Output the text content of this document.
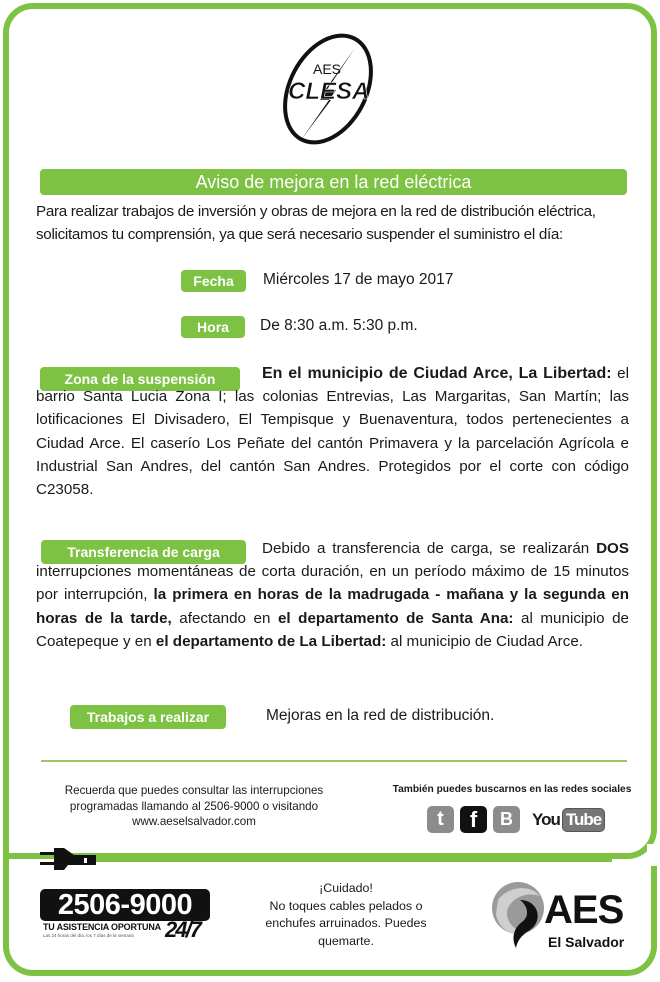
AES
CLESA
Aviso de mejora en la red eléctrica
Para realizar trabajos de inversión y obras de mejora en la red de distribución eléctrica, solicitamos tu comprensión, ya que será necesario suspender el suministro el día:
Fecha Miércoles 17 de mayo 2017
Hora De 8:30 a.m. 5:30 p.m.
Zona de la suspensión	En el municipio de Ciudad Arce, La Libertad: el barrio Santa Lucia Zona I; las colonias Entrevias, Las Margaritas, San Martín; las lotificaciones El Divisadero, El Tempisque y Buenaventura, todos pertenecientes a Ciudad Arce. El caserío Los Peñate del cantón Primavera y la parcelación Agrícola e Industrial San Andres, del cantón San Andres. Protegidos por el corte con código C23058.
Transferencia de carga	Debido a transferencia de carga, se realizarán DOS interrupciones momentáneas de corta duración, en un período máximo de 15 minutos por interrupción, la primera en horas de la madrugada - mañana y la segunda en horas de la tarde, afectando en el departamento de Santa Ana: al municipio de Coatepeque y en el departamento de La Libertad: al municipio de Ciudad Arce.
Trabajos a realizar	Mejoras en la red de distribución.
Recuerda que puedes consultar las interrupciones
programadas llamando al 2506-9000 o visitando
www.aeselsalvador.com
También puedes buscarnos en las redes sociales
t	f	B	You Tube
2506-9000
TU ASISTENCIA OPORTUNA
Las 24 horas del día, los 7 días de la semana 24/7
¡Cuidado!
No toques cables pelados o
enchufes arruinados. Puedes
quemarte.
AES
El Salvador
